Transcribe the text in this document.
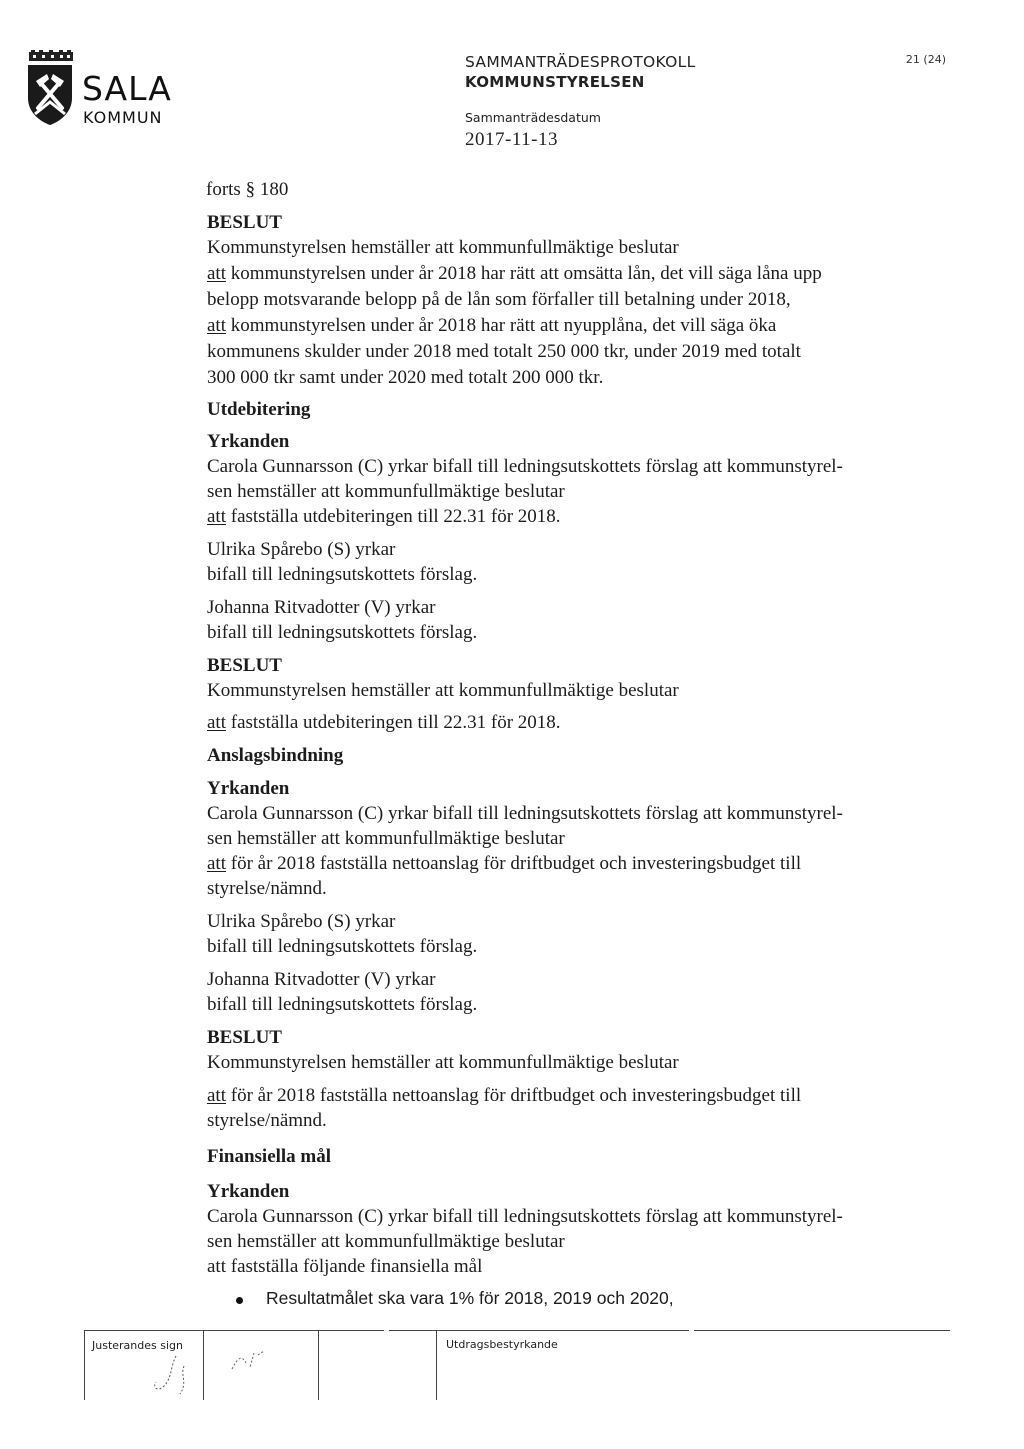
SALA
KOMMUN
SAMMANTRÄDESPROTOKOLL
KOMMUNSTYRELSEN
Sammanträdesdatum
2017-11-13
21 (24)
forts § 180
BESLUT
Kommunstyrelsen hemställer att kommunfullmäktige beslutar
att kommunstyrelsen under år 2018 har rätt att omsätta lån, det vill säga låna upp
belopp motsvarande belopp på de lån som förfaller till betalning under 2018,
att kommunstyrelsen under år 2018 har rätt att nyupplåna, det vill säga öka
kommunens skulder under 2018 med totalt 250 000 tkr, under 2019 med totalt
300 000 tkr samt under 2020 med totalt 200 000 tkr.
Utdebitering
Yrkanden
Carola Gunnarsson (C) yrkar bifall till ledningsutskottets förslag att kommunstyrel-
sen hemställer att kommunfullmäktige beslutar
att fastställa utdebiteringen till 22.31 för 2018.
Ulrika Spårebo (S) yrkar
bifall till ledningsutskottets förslag.
Johanna Ritvadotter (V) yrkar
bifall till ledningsutskottets förslag.
BESLUT
Kommunstyrelsen hemställer att kommunfullmäktige beslutar
att fastställa utdebiteringen till 22.31 för 2018.
Anslagsbindning
Yrkanden
Carola Gunnarsson (C) yrkar bifall till ledningsutskottets förslag att kommunstyrel-
sen hemställer att kommunfullmäktige beslutar
att för år 2018 fastställa nettoanslag för driftbudget och investeringsbudget till
styrelse/nämnd.
Ulrika Spårebo (S) yrkar
bifall till ledningsutskottets förslag.
Johanna Ritvadotter (V) yrkar
bifall till ledningsutskottets förslag.
BESLUT
Kommunstyrelsen hemställer att kommunfullmäktige beslutar
att för år 2018 fastställa nettoanslag för driftbudget och investeringsbudget till
styrelse/nämnd.
Finansiella mål
Yrkanden
Carola Gunnarsson (C) yrkar bifall till ledningsutskottets förslag att kommunstyrel-
sen hemställer att kommunfullmäktige beslutar
att fastställa följande finansiella mål
Resultatmålet ska vara 1% för 2018, 2019 och 2020,
Justerandes sign	Utdragsbestyrkande
